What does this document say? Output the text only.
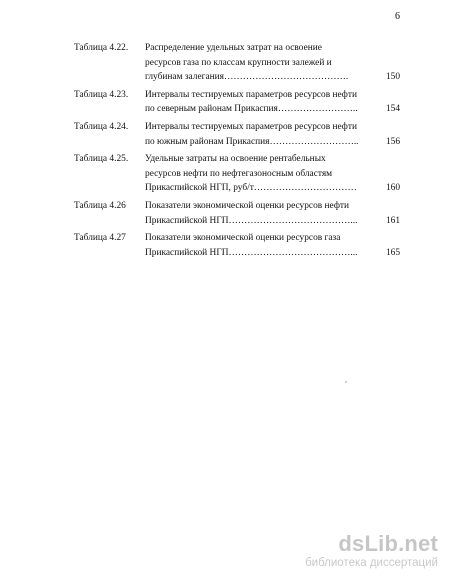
6
Таблица 4.22.	Распределение удельных затрат на освоение
ресурсов газа по классам крупности залежей и
глубинам залегания………………………………….	150
Таблица 4.23.	Интервалы тестируемых параметров ресурсов нефти
по северным районам Прикаспия……………………..	154
Таблица 4.24.	Интервалы тестируемых параметров ресурсов нефти
по южным районам Прикаспия………………………..	156
Таблица 4.25.	Удельные затраты на освоение рентабельных
ресурсов нефти по нефтегазоносным областям
Прикаспийской НГП, руб/т……………………………	160
Таблица 4.26	Показатели экономической оценки ресурсов нефти
Прикаспийской НГП…………………………………...	161
Таблица 4.27	Показатели экономической оценки ресурсов газа
Прикаспийской НГП…………………………………...	165
dsLib.net
библиотека диссертаций
